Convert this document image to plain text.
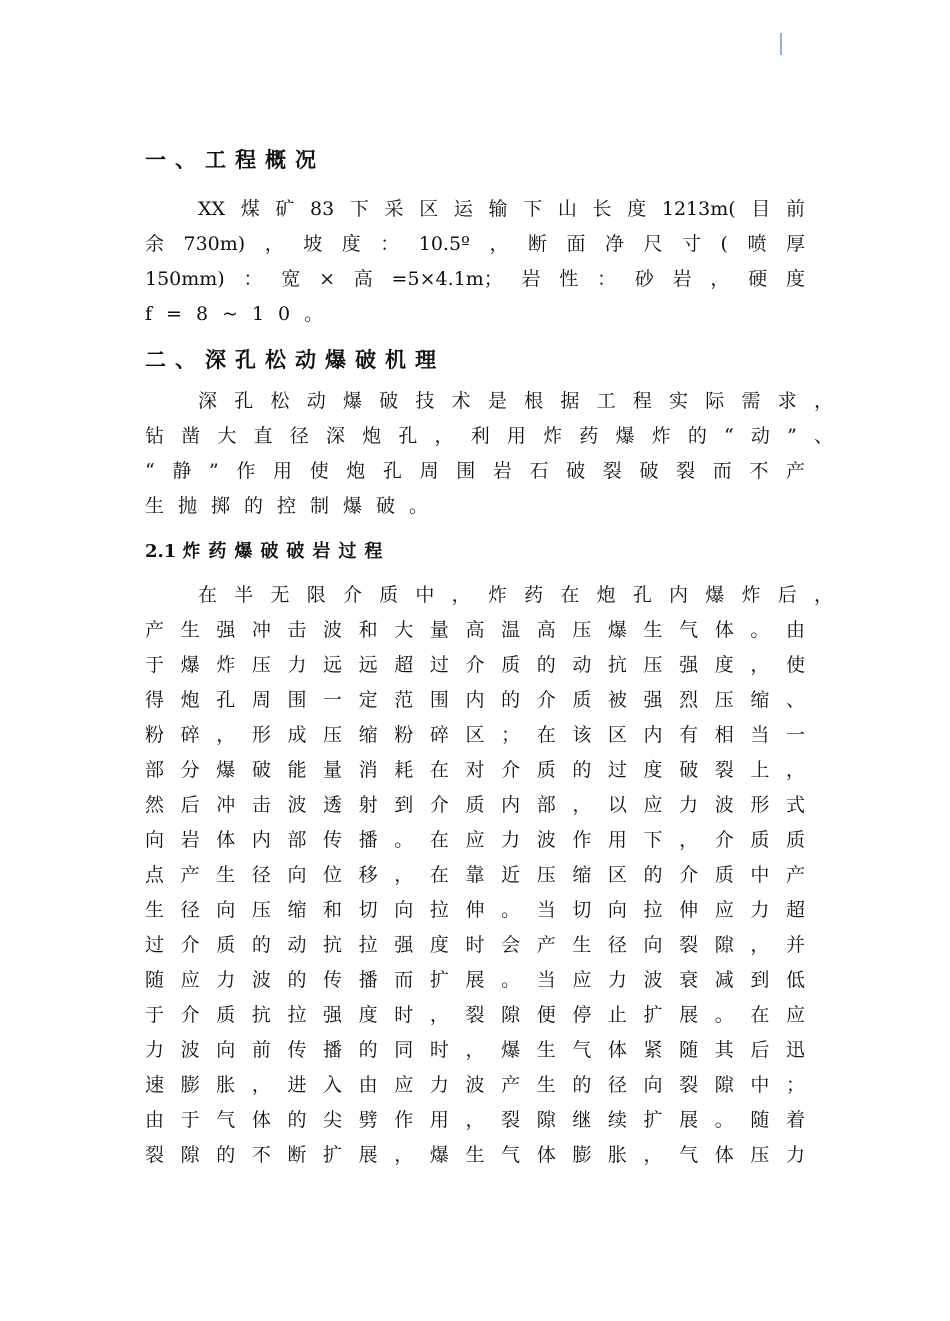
一、工程概况
XX煤矿83下采区运输下山长度1213m(目前
余730m)，坡度：10.5º，断面净尺寸(喷厚
150mm)：宽×高=5×4.1m；岩性：砂岩，硬度
f=8~10。
二、深孔松动爆破机理
深孔松动爆破技术是根据工程实际需求，
钻凿大直径深炮孔，利用炸药爆炸的“动”、
“静”作用使炮孔周围岩石破裂破裂而不产
生抛掷的控制爆破。
2.1 炸药爆破破岩过程
在半无限介质中，炸药在炮孔内爆炸后，
产生强冲击波和大量高温高压爆生气体。由
于爆炸压力远远超过介质的动抗压强度，使
得炮孔周围一定范围内的介质被强烈压缩、
粉碎，形成压缩粉碎区；在该区内有相当一
部分爆破能量消耗在对介质的过度破裂上，
然后冲击波透射到介质内部，以应力波形式
向岩体内部传播。在应力波作用下，介质质
点产生径向位移，在靠近压缩区的介质中产
生径向压缩和切向拉伸。当切向拉伸应力超
过介质的动抗拉强度时会产生径向裂隙，并
随应力波的传播而扩展。当应力波衰减到低
于介质抗拉强度时，裂隙便停止扩展。在应
力波向前传播的同时，爆生气体紧随其后迅
速膨胀，进入由应力波产生的径向裂隙中；
由于气体的尖劈作用，裂隙继续扩展。随着
裂隙的不断扩展，爆生气体膨胀，气体压力
